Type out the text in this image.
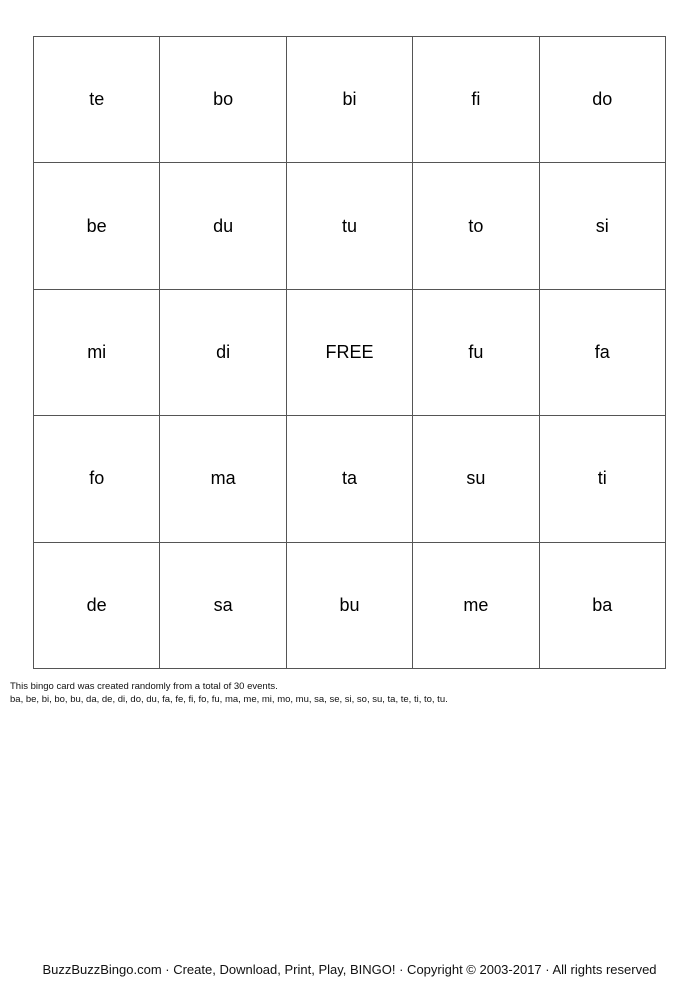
te	bo	bi	fi	do
be	du	tu	to	si
mi	di	FREE	fu	fa
fo	ma	ta	su	ti
de	sa	bu	me	ba
This bingo card was created randomly from a total of 30 events.
ba, be, bi, bo, bu, da, de, di, do, du, fa, fe, fi, fo, fu, ma, me, mi, mo, mu, sa, se, si, so, su, ta, te, ti, to, tu.
BuzzBuzzBingo.com · Create, Download, Print, Play, BINGO! · Copyright © 2003-2017 · All rights reserved
